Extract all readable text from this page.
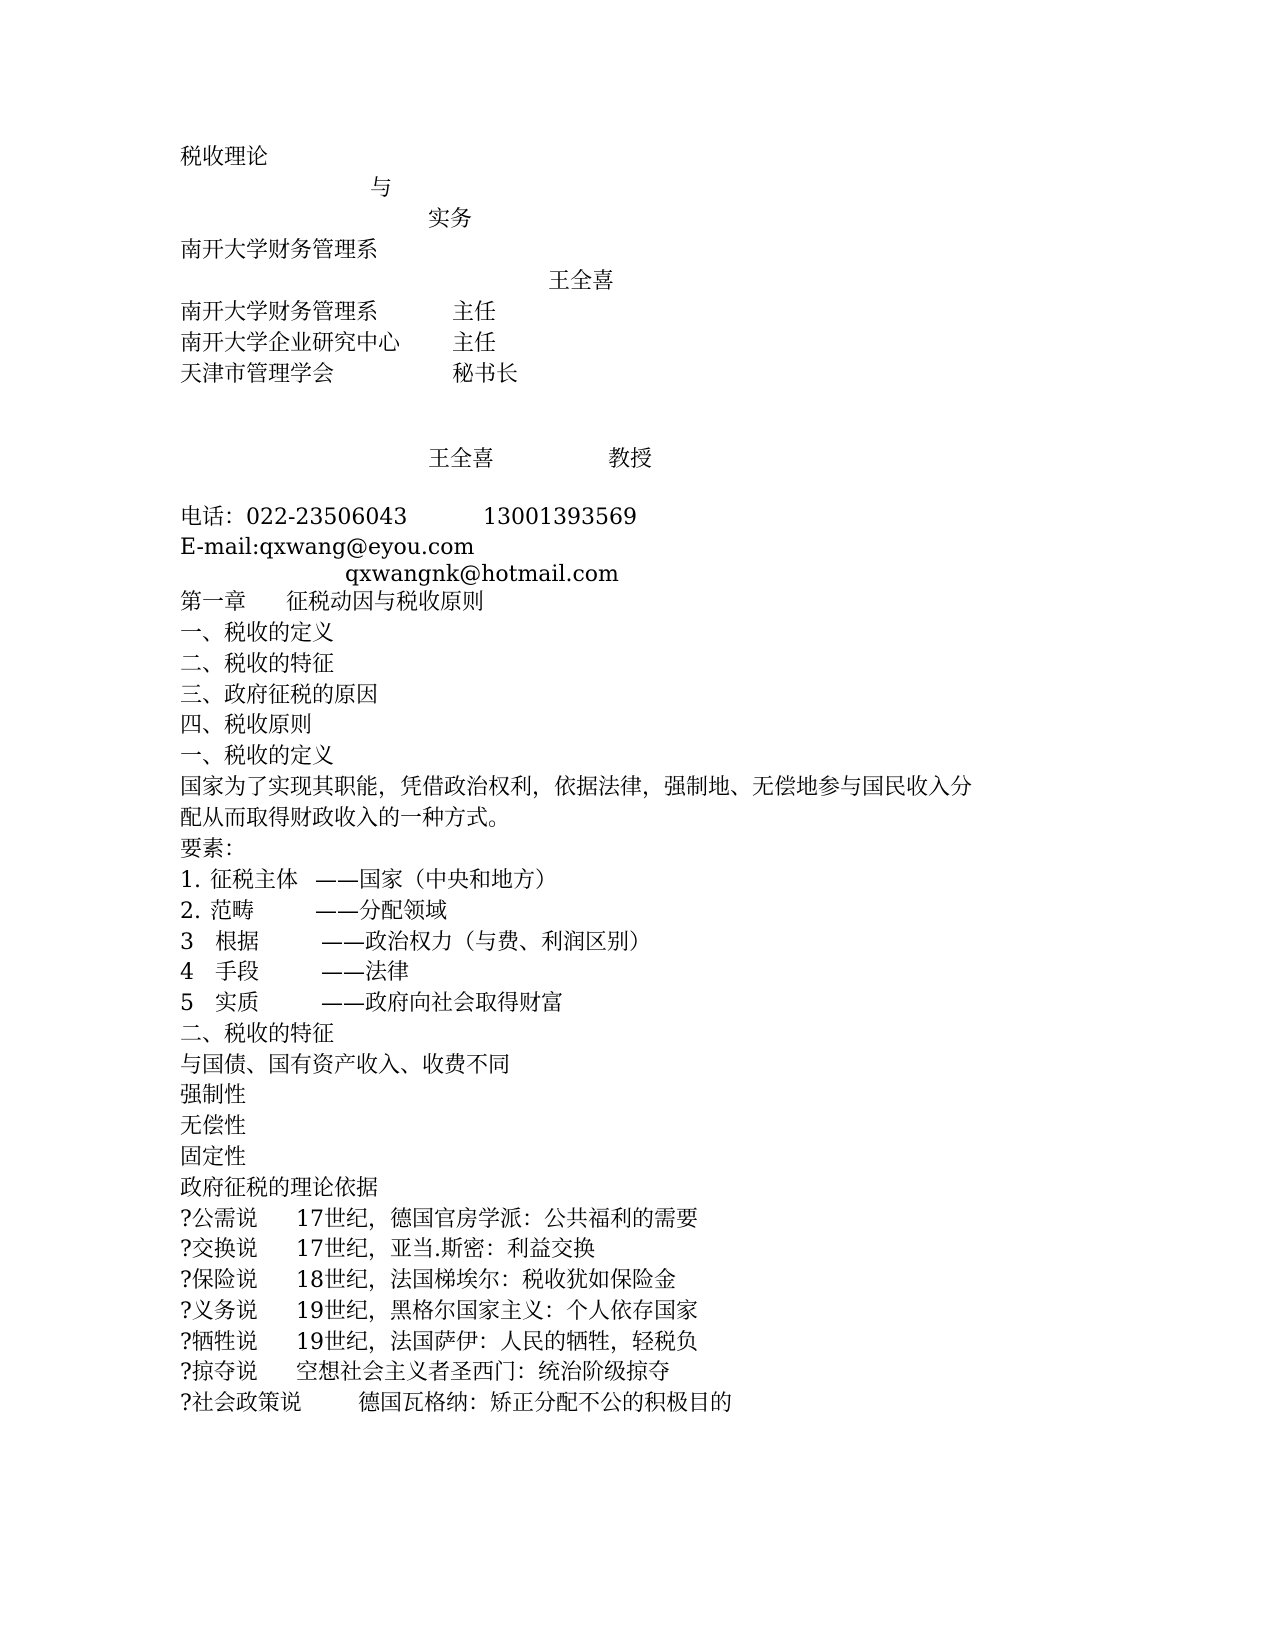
税收理论
与
实务
南开大学财务管理系
王全喜
南开大学财务管理系	主任
南开大学企业研究中心 主任
天津市管理学会	秘书长
王全喜	教授
电话：022-23506043	13001393569
E-mail:qxwang@eyou.com
qxwangnk@hotmail.com
第一章 征税动因与税收原则
一、税收的定义
二、税收的特征
三、政府征税的原因
四、税收原则
一、税收的定义
国家为了实现其职能，凭借政治权利，依据法律，强制地、无偿地参与国民收入分
配从而取得财政收入的一种方式。
要素：
1. 征税主体 ——国家（中央和地方）
2. 范畴	——分配领域
3 根据	——政治权力（与费、利润区别）
4 手段	——法律
5 实质	——政府向社会取得财富
二、税收的特征
与国债、国有资产收入、收费不同
强制性
无偿性
固定性
政府征税的理论依据
?公需说 17世纪，德国官房学派：公共福利的需要
?交换说 17世纪，亚当.斯密：利益交换
?保险说 18世纪，法国梯埃尔：税收犹如保险金
?义务说 19世纪，黑格尔国家主义：个人依存国家
?牺牲说 19世纪，法国萨伊：人民的牺牲，轻税负
?掠夺说 空想社会主义者圣西门：统治阶级掠夺
?社会政策说	德国瓦格纳：矫正分配不公的积极目的
